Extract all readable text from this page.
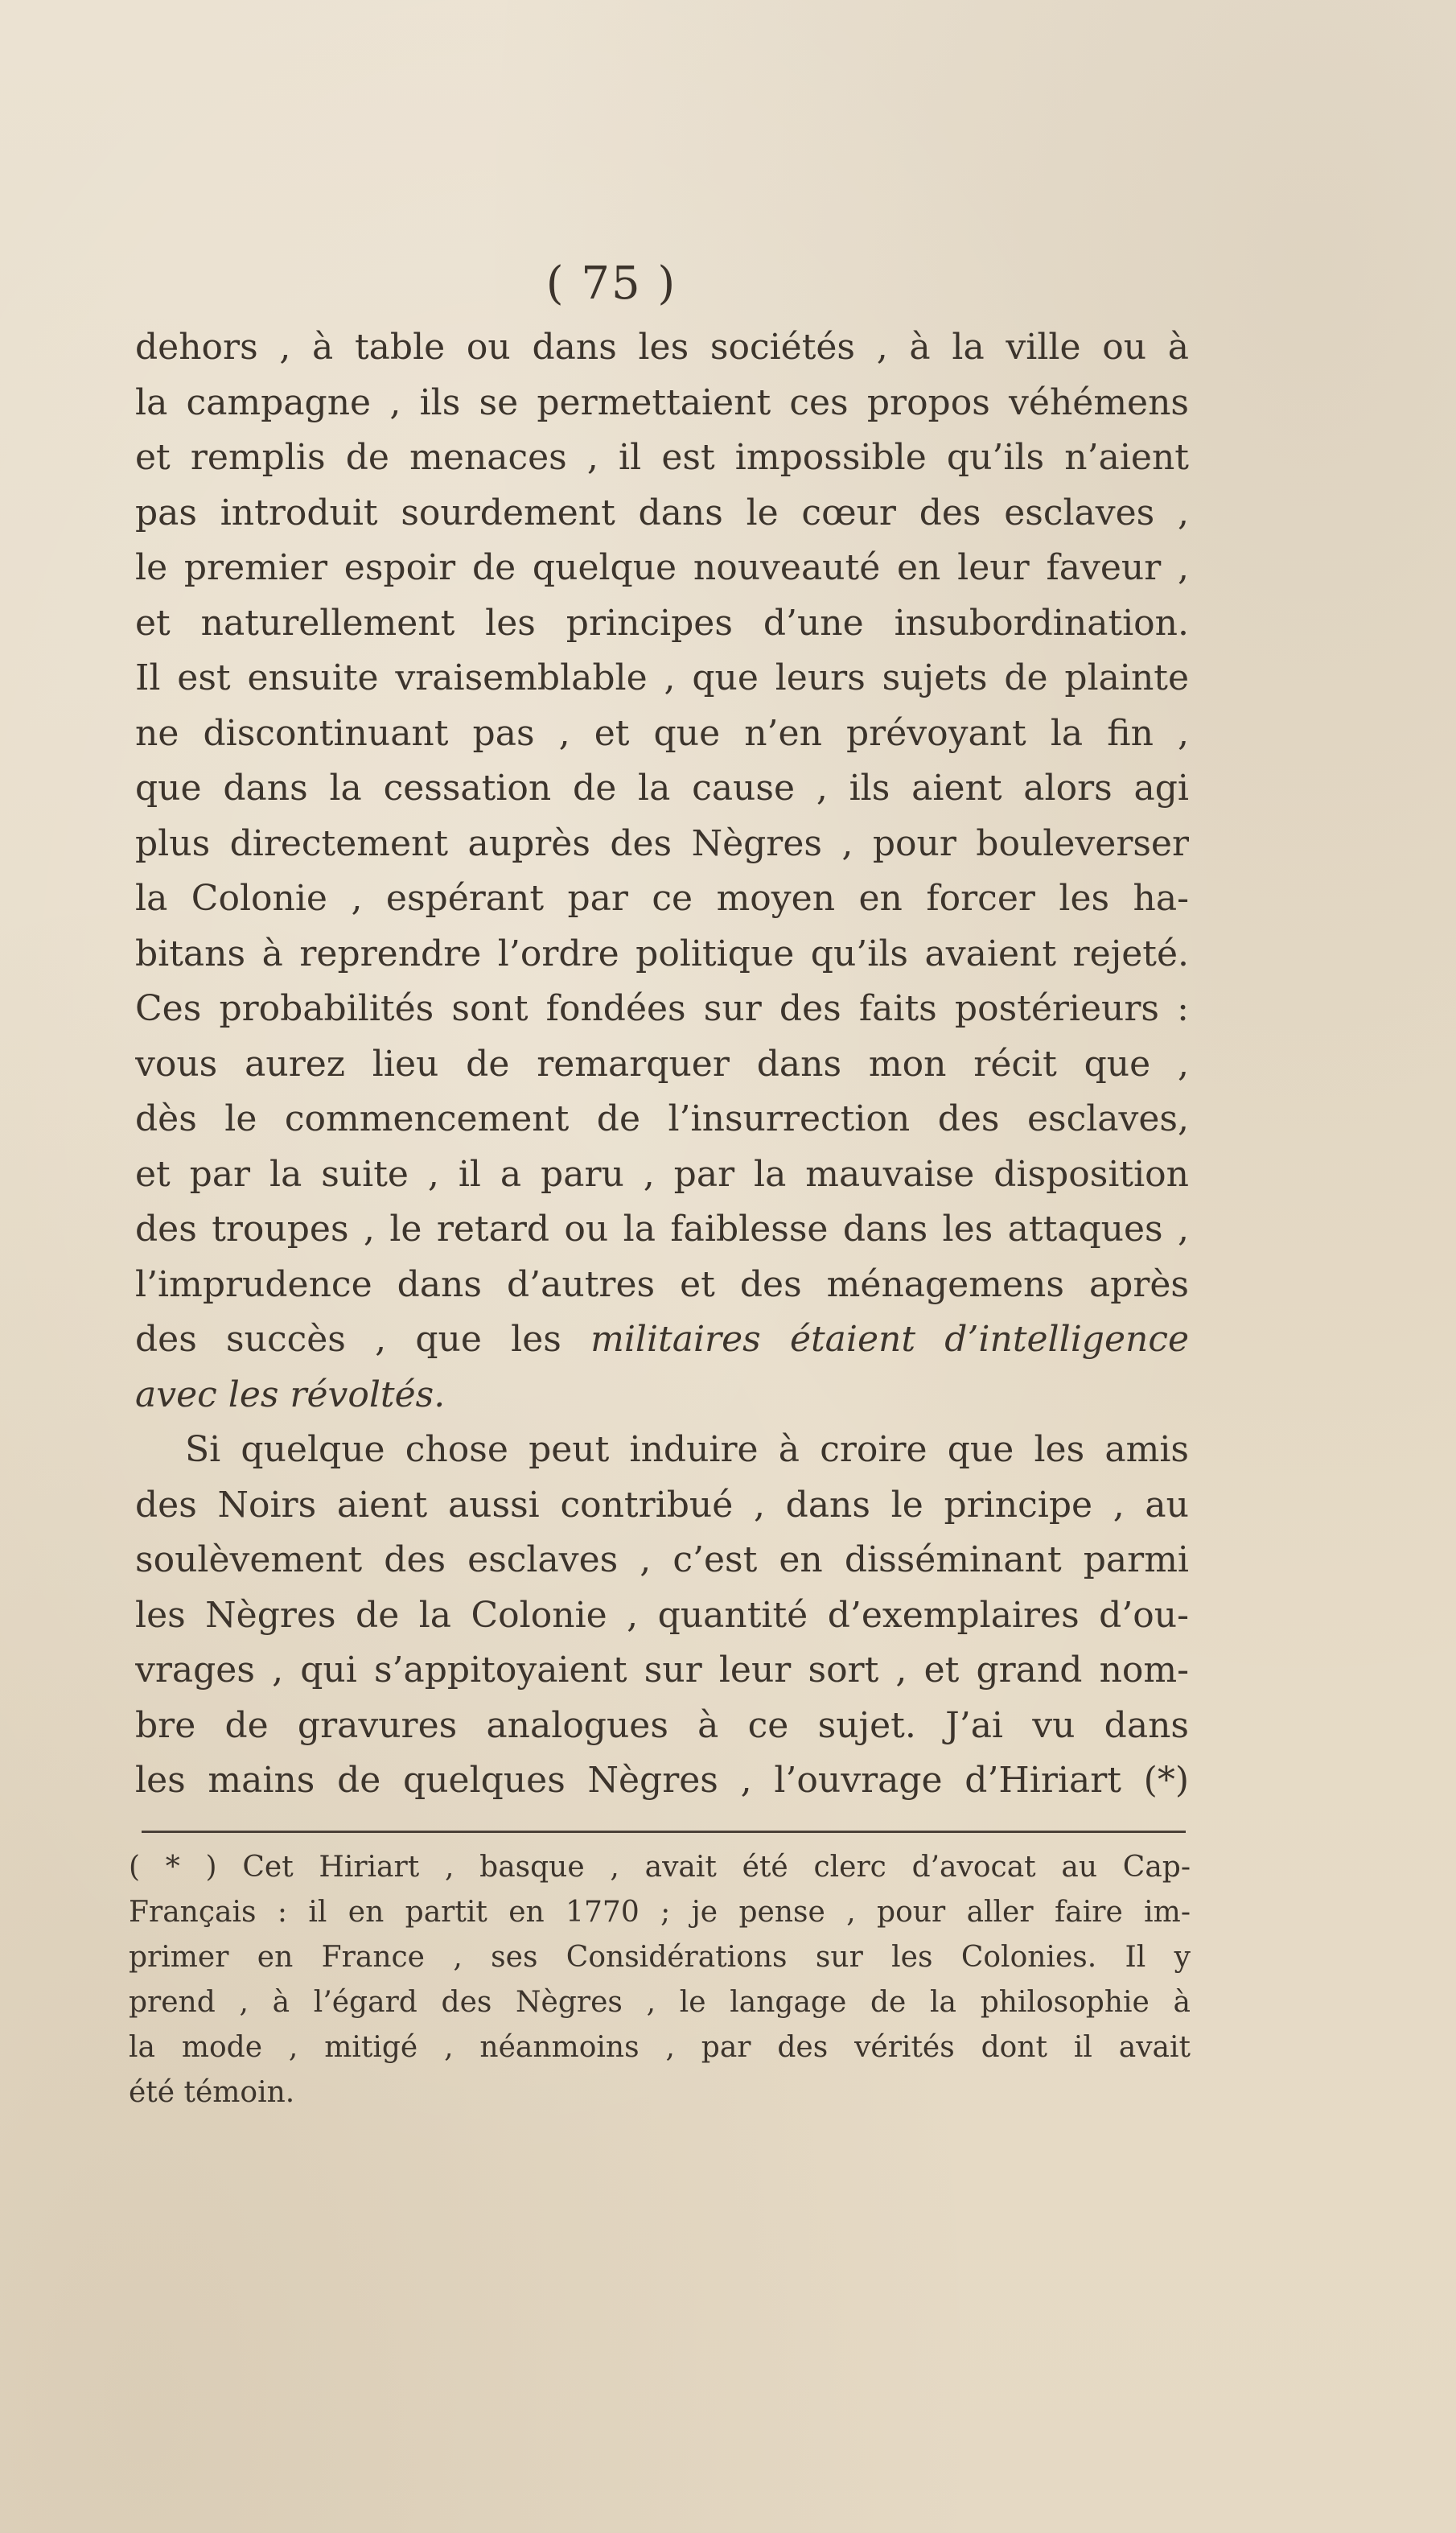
( 75 )
dehors , à table ou dans les sociétés , à la ville ou à
la campagne , ils se permettaient ces propos véhémens
et remplis de menaces , il est impossible qu’ils n’aient
pas introduit sourdement dans le cœur des esclaves ,
le premier espoir de quelque nouveauté en leur faveur ,
et naturellement les principes d’une insubordination.
Il est ensuite vraisemblable , que leurs sujets de plainte
ne discontinuant pas , et que n’en prévoyant la fin ,
que dans la cessation de la cause , ils aient alors agi
plus directement auprès des Nègres , pour bouleverser
la Colonie , espérant par ce moyen en forcer les ha-
bitans à reprendre l’ordre politique qu’ils avaient rejeté.
Ces probabilités sont fondées sur des faits postérieurs :
vous aurez lieu de remarquer dans mon récit que ,
dès le commencement de l’insurrection des esclaves,
et par la suite , il a paru , par la mauvaise disposition
des troupes , le retard ou la faiblesse dans les attaques ,
l’imprudence dans d’autres et des ménagemens après
des succès , que les militaires étaient d’intelligence
avec les révoltés.
Si quelque chose peut induire à croire que les amis
des Noirs aient aussi contribué , dans le principe , au
soulèvement des esclaves , c’est en disséminant parmi
les Nègres de la Colonie , quantité d’exemplaires d’ou-
vrages , qui s’appitoyaient sur leur sort , et grand nom-
bre de gravures analogues à ce sujet. J’ai vu dans
les mains de quelques Nègres , l’ouvrage d’Hiriart (*)
( * ) Cet Hiriart , basque , avait été clerc d’avocat au Cap-
Français : il en partit en 1770 ; je pense , pour aller faire im-
primer en France , ses Considérations sur les Colonies. Il y
prend , à l’égard des Nègres , le langage de la philosophie à
la mode , mitigé , néanmoins , par des vérités dont il avait
été témoin.
